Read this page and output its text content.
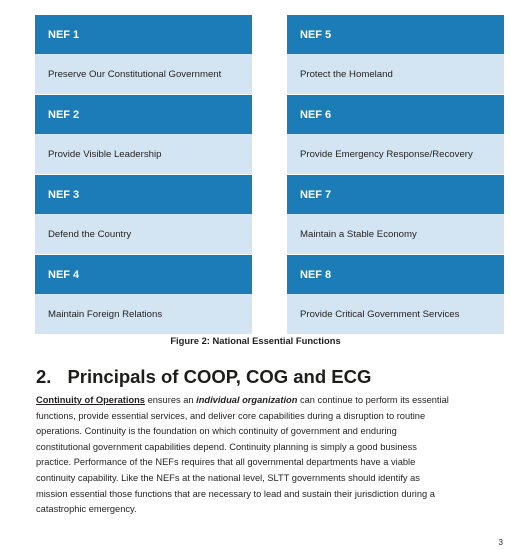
NEF 1
Preserve Our Constitutional Government
NEF 2
Provide Visible Leadership
NEF 3
Defend the Country
NEF 4
Maintain Foreign Relations
NEF 5
Protect the Homeland
NEF 6
Provide Emergency Response/Recovery
NEF 7
Maintain a Stable Economy
NEF 8
Provide Critical Government Services
Figure 2: National Essential Functions
2. Principals of COOP, COG and ECG
Continuity of Operations ensures an individual organization can continue to perform its essential
functions, provide essential services, and deliver core capabilities during a disruption to routine
operations. Continuity is the foundation on which continuity of government and enduring
constitutional government capabilities depend. Continuity planning is simply a good business
practice. Performance of the NEFs requires that all governmental departments have a viable
continuity capability. Like the NEFs at the national level, SLTT governments should identify as
mission essential those functions that are necessary to lead and sustain their jurisdiction during a
catastrophic emergency.
3
